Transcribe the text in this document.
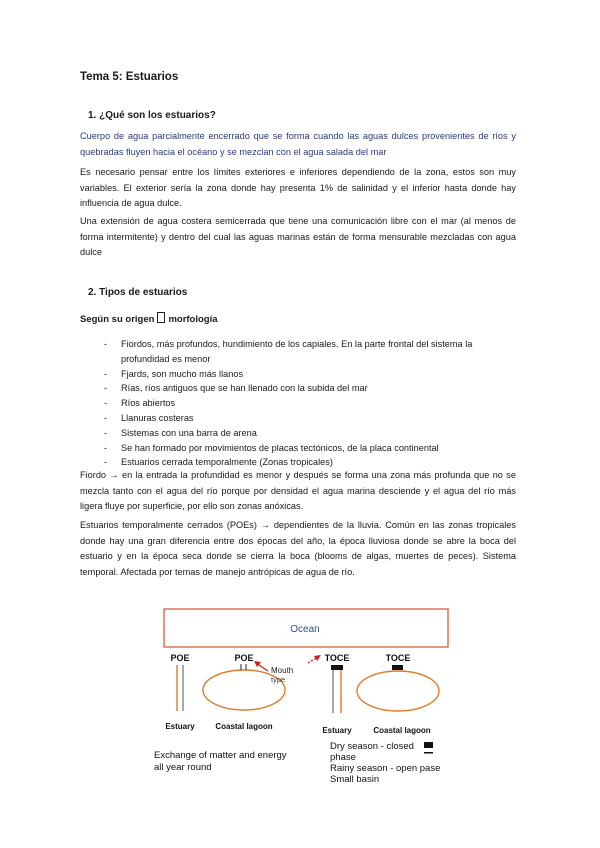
Tema 5: Estuarios
1. ¿Qué son los estuarios?

Cuerpo de agua parcialmente encerrado que se forma cuando las aguas dulces provenientes de ríos y quebradas fluyen hacia el océano y se mezclan con el agua salada del mar

Es necesario pensar entre los límites exteriores e inferiores dependiendo de la zona, estos son muy variables. El exterior sería la zona donde hay presenta 1% de salinidad y el inferior hasta donde hay influencia de agua dulce.

Una extensión de agua costera semicerrada que tiene una comunicación libre con el mar (al menos de forma intermitente) y dentro del cual las aguas marinas están de forma mensurable mezcladas con agua dulce

2. Tipos de estuarios
Según su origen morfología
- Fiordos, más profundos, hundimiento de los capiales. En la parte frontal del sistema la profundidad es menor
- Fjards, son mucho más llanos
- Rías, ríos antiguos que se han llenado con la subida del mar
- Ríos abiertos
- Llanuras costeras
- Sistemas con una barra de arena
- Se han formado por movimientos de placas tectónicos, de la placa continental
- Estuarios cerrada temporalmente (Zonas tropicales)

Fiordo → en la entrada la profundidad es menor y después se forma una zona más profunda que no se mezcla tanto con el agua del río porque por densidad el agua marina desciende y el agua del río más ligera fluye por superficie, por ello son zonas anóxicas.

Estuarios temporalmente cerrados (POEs) → dependientes de la lluvia. Común en las zonas tropicales donde hay una gran diferencia entre dos épocas del año, la época lluviosa donde se abre la boca del estuario y en la época seca donde se cierra la boca (blooms de algas, muertes de peces). Sistema temporal. Afectada por temas de manejo antrópicas de agua de río.

Ocean
POE	POE	TOCE	TOCE
Mouth
type
Estuary	Coastal lagoon	Estuary	Coastal lagoon
Exchange of matter and energy
all year round
Dry season - closed
phase
Rainy season - open pase
Small basin
